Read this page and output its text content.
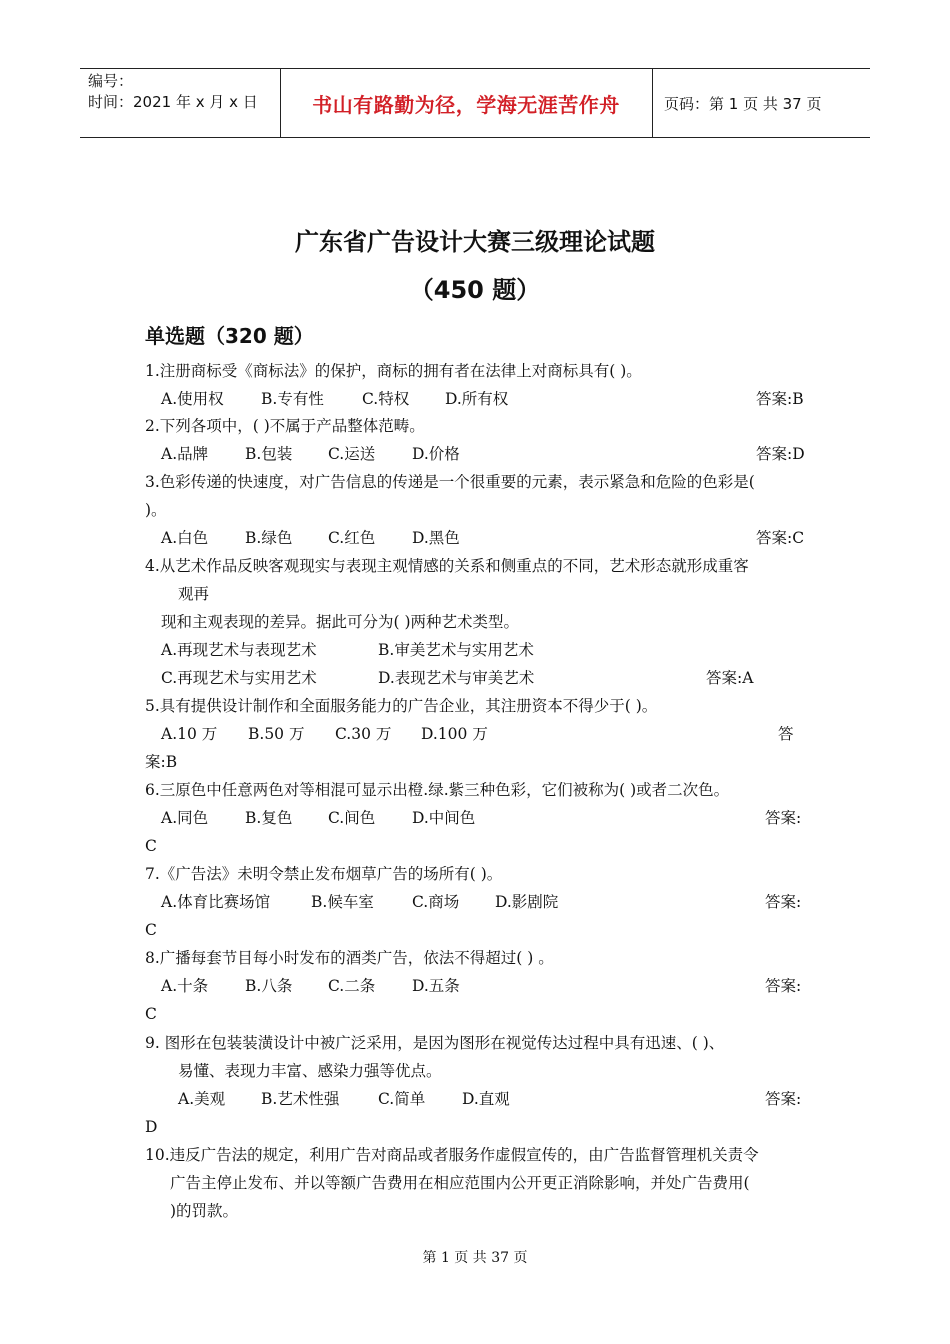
编号：
时间：2021 年 x 月 x 日	书山有路勤为径，学海无涯苦作舟	页码：第 1 页 共 37 页
广东省广告设计大赛三级理论试题
（450 题）
单选题（320 题）
1.注册商标受《商标法》的保护，商标的拥有者在法律上对商标具有( )。
A.使用权 B.专有性 C.特权 D.所有权	答案:B
2.下列各项中，( )不属于产品整体范畴。
A.品牌 B.包装 C.运送 D.价格	答案:D
3.色彩传递的快速度，对广告信息的传递是一个很重要的元素，表示紧急和危险的色彩是(
)。
A.白色 B.绿色 C.红色 D.黑色	答案:C
4.从艺术作品反映客观现实与表现主观情感的关系和侧重点的不同，艺术形态就形成重客
观再
现和主观表现的差异。据此可分为( )两种艺术类型。
A.再现艺术与表现艺术	B.审美艺术与实用艺术
C.再现艺术与实用艺术	D.表现艺术与审美艺术	答案:A
5.具有提供设计制作和全面服务能力的广告企业，其注册资本不得少于( )。
A.10 万 B.50 万 C.30 万 D.100 万	答
案:B
6.三原色中任意两色对等相混可显示出橙.绿.紫三种色彩，它们被称为( )或者二次色。
A.同色 B.复色 C.间色 D.中间色	答案:
C
7.《广告法》未明令禁止发布烟草广告的场所有( )。
A.体育比赛场馆	B.候车室 C.商场 D.影剧院	答案:
C
8.广播每套节目每小时发布的酒类广告，依法不得超过( ) 。
A.十条 B.八条 C.二条 D.五条	答案:
C
9. 图形在包装装潢设计中被广泛采用，是因为图形在视觉传达过程中具有迅速、( )、
易懂、表现力丰富、感染力强等优点。
A.美观 B.艺术性强 C.简单 D.直观	答案:
D
10.违反广告法的规定，利用广告对商品或者服务作虚假宣传的，由广告监督管理机关责令
广告主停止发布、并以等额广告费用在相应范围内公开更正消除影响，并处广告费用(
)的罚款。
第 1 页 共 37 页
